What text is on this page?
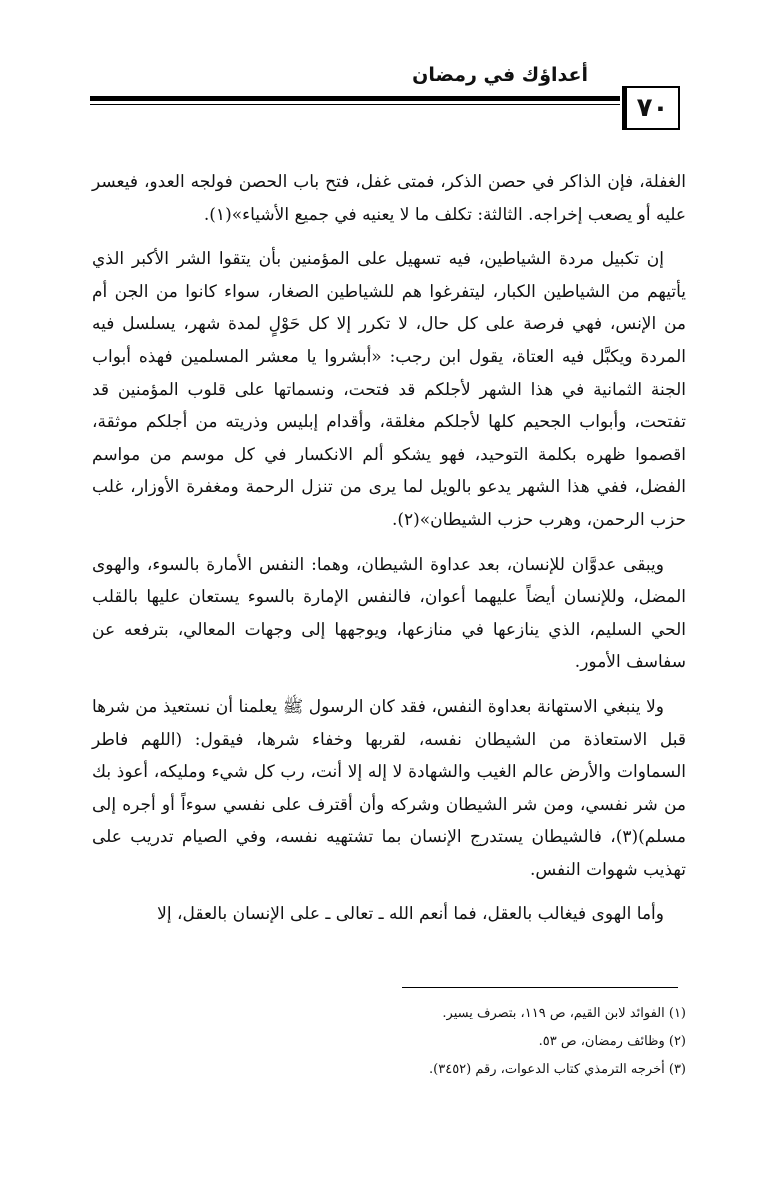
أعداؤك في رمضان
٧٠

الغفلة، فإن الذاكر في حصن الذكر، فمتى غفل، فتح باب الحصن فولجه العدو، فيعسر عليه أو يصعب إخراجه. الثالثة: تكلف ما لا يعنيه في جميع الأشياء»(١).

إن تكبيل مردة الشياطين، فيه تسهيل على المؤمنين بأن يتقوا الشر الأكبر الذي يأتيهم من الشياطين الكبار، ليتفرغوا هم للشياطين الصغار، سواء كانوا من الجن أم من الإنس، فهي فرصة على كل حال، لا تكرر إلا كل حَوْلٍ لمدة شهر، يسلسل فيه المردة ويكبَّل فيه العتاة، يقول ابن رجب: «أبشروا يا معشر المسلمين فهذه أبواب الجنة الثمانية في هذا الشهر لأجلكم قد فتحت، ونسماتها على قلوب المؤمنين قد تفتحت، وأبواب الجحيم كلها لأجلكم مغلقة، وأقدام إبليس وذريته من أجلكم موثقة، اقصموا ظهره بكلمة التوحيد، فهو يشكو ألم الانكسار في كل موسم من مواسم الفضل، ففي هذا الشهر يدعو بالويل لما يرى من تنزل الرحمة ومغفرة الأوزار، غلب حزب الرحمن، وهرب حزب الشيطان»(٢).

ويبقى عدوَّان للإنسان، بعد عداوة الشيطان، وهما: النفس الأمارة بالسوء، والهوى المضل، وللإنسان أيضاً عليهما أعوان، فالنفس الإمارة بالسوء يستعان عليها بالقلب الحي السليم، الذي ينازعها في منازعها، ويوجهها إلى وجهات المعالي، بترفعه عن سفاسف الأمور.

ولا ينبغي الاستهانة بعداوة النفس، فقد كان الرسول ﷺ يعلمنا أن نستعيذ من شرها قبل الاستعاذة من الشيطان نفسه، لقربها وخفاء شرها، فيقول: (اللهم فاطر السماوات والأرض عالم الغيب والشهادة لا إله إلا أنت، رب كل شيء ومليكه، أعوذ بك من شر نفسي، ومن شر الشيطان وشركه وأن أقترف على نفسي سوءاً أو أجره إلى مسلم)(٣)، فالشيطان يستدرج الإنسان بما تشتهيه نفسه، وفي الصيام تدريب على تهذيب شهوات النفس.

وأما الهوى فيغالب بالعقل، فما أنعم الله ـ تعالى ـ على الإنسان بالعقل، إلا

(١) الفوائد لابن القيم، ص ١١٩، بتصرف يسير.
(٢) وظائف رمضان، ص ٥٣.
(٣) أخرجه الترمذي كتاب الدعوات، رقم (٣٤٥٢).
